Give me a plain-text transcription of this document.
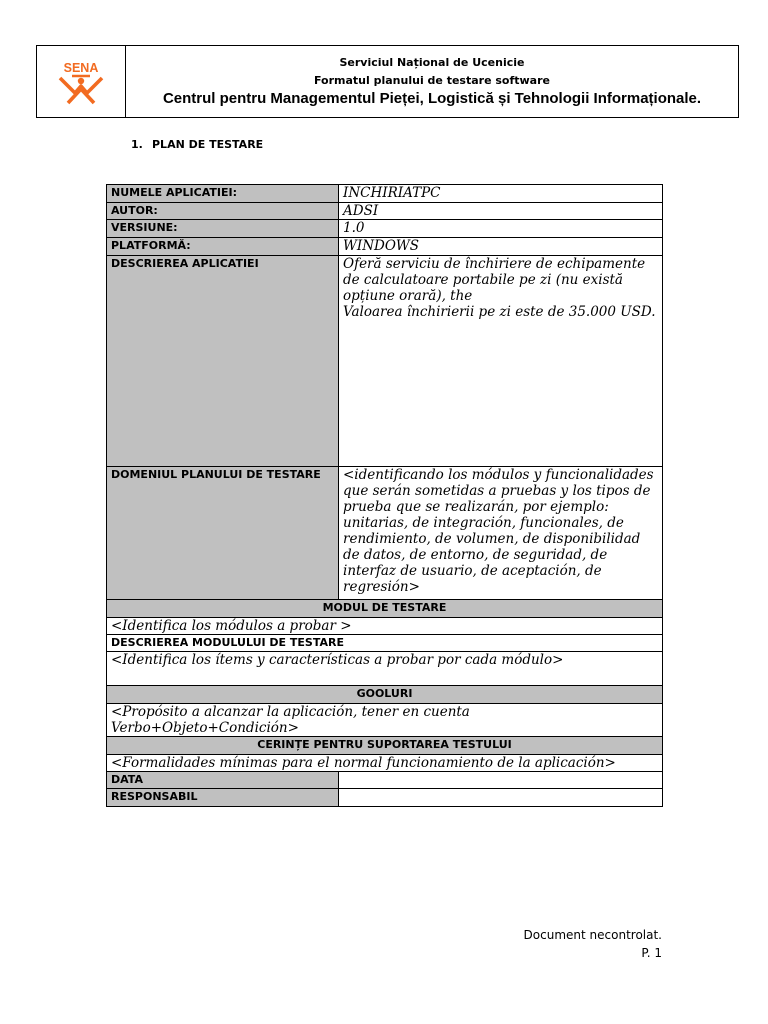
SENA	Serviciul Național de Ucenicie
Formatul planului de testare software
Centrul pentru Managementul Pieței, Logistică și Tehnologii Informaționale.
1. PLAN DE TESTARE
NUMELE APLICATIEI:	INCHIRIATPC
AUTOR:	ADSI
VERSIUNE:	1.0
PLATFORMĂ:	WINDOWS
DESCRIEREA APLICATIEI	Oferă serviciu de închiriere de echipamente
de calculatoare portabile pe zi (nu există opțiune orară), the
Valoarea închirierii pe zi este de 35.000 USD.
DOMENIUL PLANULUI DE TESTARE	<identificando los módulos y funcionalidades que serán sometidas a pruebas y los tipos de prueba que se realizarán, por ejemplo: unitarias, de integración, funcionales, de rendimiento, de volumen, de disponibilidad de datos, de entorno, de seguridad, de interfaz de usuario, de aceptación, de regresión>
MODUL DE TESTARE	
<Identifica los módulos a probar >	
DESCRIEREA MODULULUI DE TESTARE	
<Identifica los ítems y características a probar por cada módulo>	
GOOLURI	
<Propósito a alcanzar la aplicación, tener en cuenta Verbo+Objeto+Condición>	
CERINȚE PENTRU SUPORTAREA TESTULUI	
<Formalidades mínimas para el normal funcionamiento de la aplicación>	
DATA	
RESPONSABIL	
Document necontrolat.
P. 1
